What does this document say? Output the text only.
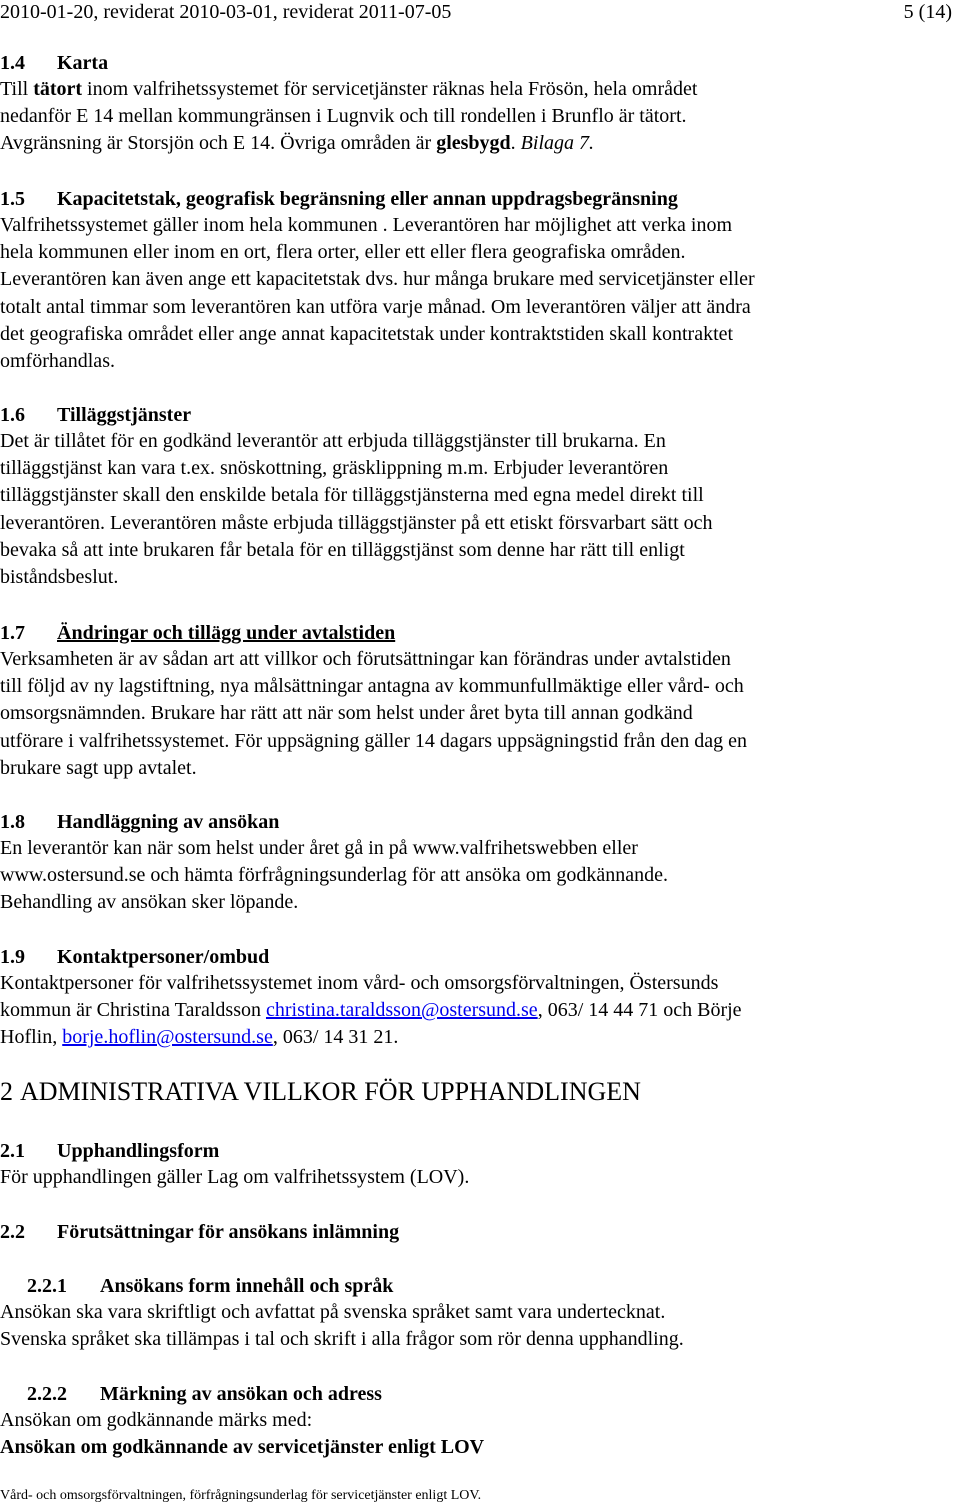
2010-01-20, reviderat 2010-03-01, reviderat 2011-07-05	5 (14)
1.4 Karta
Till tätort inom valfrihetssystemet för servicetjänster räknas hela Frösön, hela området
nedanför E 14 mellan kommungränsen i Lugnvik och till rondellen i Brunflo är tätort.
Avgränsning är Storsjön och E 14. Övriga områden är glesbygd. Bilaga 7.
1.5 Kapacitetstak, geografisk begränsning eller annan uppdragsbegränsning
Valfrihetssystemet gäller inom hela kommunen . Leverantören har möjlighet att verka inom
hela kommunen eller inom en ort, flera orter, eller ett eller flera geografiska områden.
Leverantören kan även ange ett kapacitetstak dvs. hur många brukare med servicetjänster eller
totalt antal timmar som leverantören kan utföra varje månad. Om leverantören väljer att ändra
det geografiska området eller ange annat kapacitetstak under kontraktstiden skall kontraktet
omförhandlas.
1.6 Tilläggstjänster
Det är tillåtet för en godkänd leverantör att erbjuda tilläggstjänster till brukarna. En
tilläggstjänst kan vara t.ex. snöskottning, gräsklippning m.m. Erbjuder leverantören
tilläggstjänster skall den enskilde betala för tilläggstjänsterna med egna medel direkt till
leverantören. Leverantören måste erbjuda tilläggstjänster på ett etiskt försvarbart sätt och
bevaka så att inte brukaren får betala för en tilläggstjänst som denne har rätt till enligt
biståndsbeslut.
1.7 Ändringar och tillägg under avtalstiden
Verksamheten är av sådan art att villkor och förutsättningar kan förändras under avtalstiden
till följd av ny lagstiftning, nya målsättningar antagna av kommunfullmäktige eller vård- och
omsorgsnämnden. Brukare har rätt att när som helst under året byta till annan godkänd
utförare i valfrihetssystemet. För uppsägning gäller 14 dagars uppsägningstid från den dag en
brukare sagt upp avtalet.
1.8 Handläggning av ansökan
En leverantör kan när som helst under året gå in på www.valfrihetswebben eller
www.ostersund.se och hämta förfrågningsunderlag för att ansöka om godkännande.
Behandling av ansökan sker löpande.
1.9 Kontaktpersoner/ombud
Kontaktpersoner för valfrihetssystemet inom vård- och omsorgsförvaltningen, Östersunds
kommun är Christina Taraldsson christina.taraldsson@ostersund.se, 063/ 14 44 71 och Börje
Hoflin, borje.hoflin@ostersund.se, 063/ 14 31 21.
2 ADMINISTRATIVA VILLKOR FÖR UPPHANDLINGEN
2.1 Upphandlingsform
För upphandlingen gäller Lag om valfrihetssystem (LOV).
2.2 Förutsättningar för ansökans inlämning
2.2.1 Ansökans form innehåll och språk
Ansökan ska vara skriftligt och avfattat på svenska språket samt vara undertecknat.
Svenska språket ska tillämpas i tal och skrift i alla frågor som rör denna upphandling.
2.2.2 Märkning av ansökan och adress
Ansökan om godkännande märks med:
Ansökan om godkännande av servicetjänster enligt LOV
Vård- och omsorgsförvaltningen, förfrågningsunderlag för servicetjänster enligt LOV.
